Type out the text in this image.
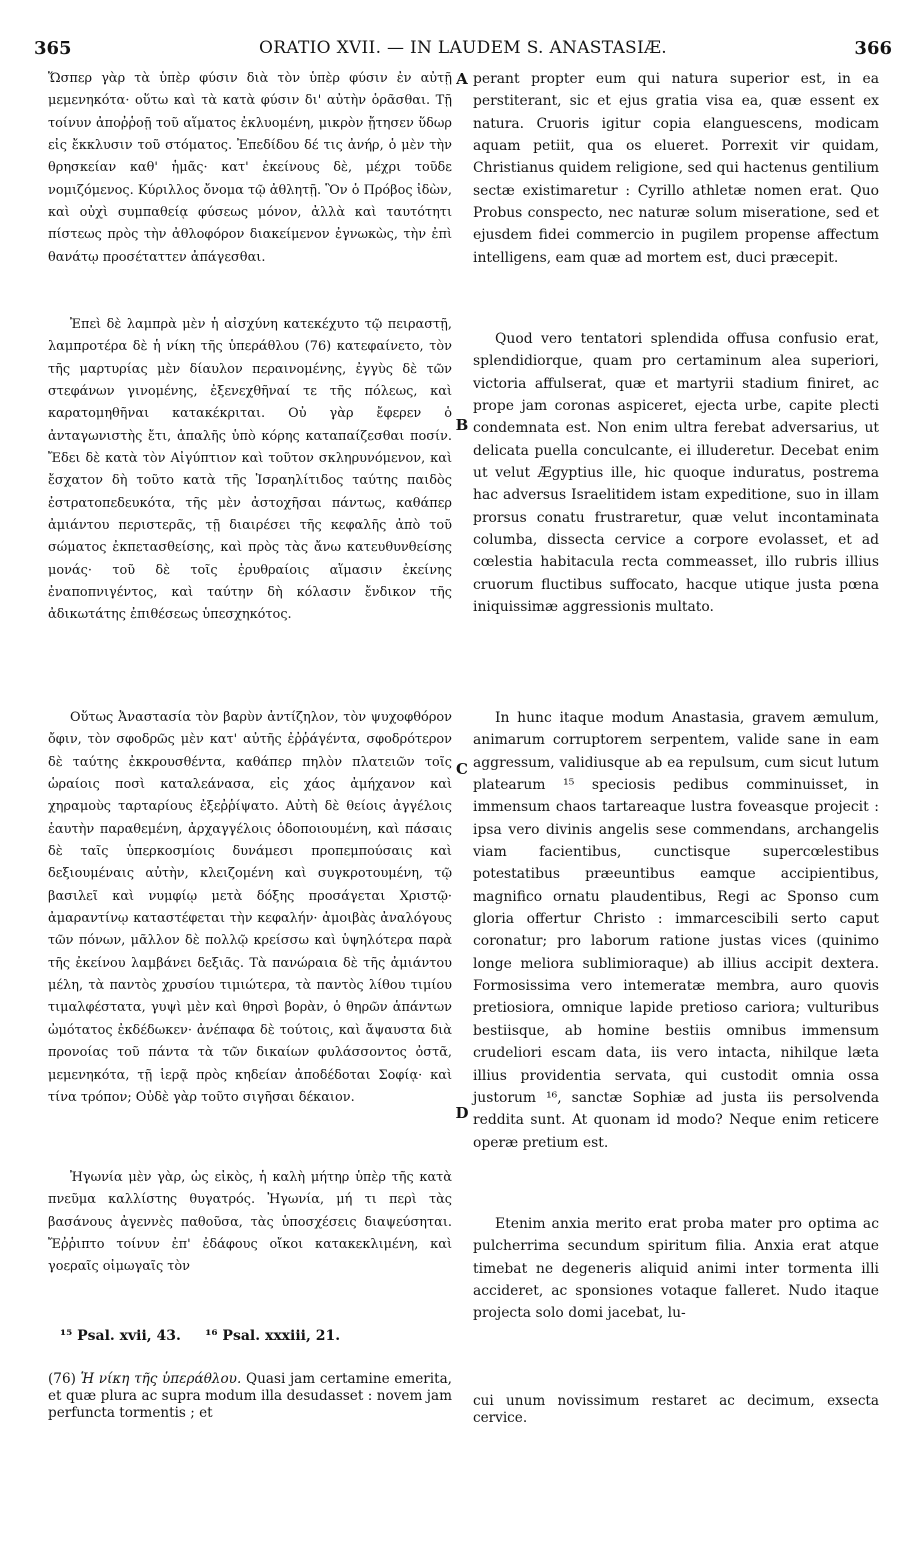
365	ORATIO XVII. — IN LAUDEM S. ANASTASIÆ.	366

Ὥσπερ γὰρ τὰ ὑπὲρ φύσιν διὰ τὸν ὑπὲρ φύσιν ἐν αὐτῇ μεμενηκότα· οὕτω καὶ τὰ κατὰ φύσιν δι' αὐτὴν ὁρᾶσθαι. Τῇ τοίνυν ἀποῤῥοῇ τοῦ αἵματος ἐκλυομένη, μικρὸν ᾔτησεν ὕδωρ εἰς ἔκκλυσιν τοῦ στόματος. Ἐπεδίδου δέ τις ἀνήρ, ὁ μὲν τὴν θρησκείαν καθ' ἡμᾶς· κατ' ἐκείνους δὲ, μέχρι τοῦδε νομιζόμενος. Κύριλλος ὄνομα τῷ ἀθλητῇ. Ὃν ὁ Πρόβος ἰδὼν, καὶ οὐχὶ συμπαθείᾳ φύσεως μόνον, ἀλλὰ καὶ ταυτότητι πίστεως πρὸς τὴν ἀθλοφόρον διακείμενον ἐγνωκὼς, τὴν ἐπὶ θανάτῳ προσέταττεν ἀπάγεσθαι.

Ἐπεὶ δὲ λαμπρὰ μὲν ἡ αἰσχύνη κατεκέχυτο τῷ πειραστῇ, λαμπροτέρα δὲ ἡ νίκη τῆς ὑπεράθλου (76) κατεφαίνετο, τὸν τῆς μαρτυρίας μὲν δίαυλον περαινομένης, ἐγγὺς δὲ τῶν στεφάνων γινομένης, ἐξενεχθῆναί τε τῆς πόλεως, καὶ καρατομηθῆναι κατακέκριται. Οὐ γὰρ ἔφερεν ὁ ἀνταγωνιστὴς ἔτι, ἁπαλῆς ὑπὸ κόρης καταπαίζεσθαι ποσίν. Ἔδει δὲ κατὰ τὸν Αἰγύπτιον καὶ τοῦτον σκληρυνόμενον, καὶ ἔσχατον δὴ τοῦτο κατὰ τῆς Ἰσραηλίτιδος ταύτης παιδὸς ἐστρατοπεδευκότα, τῆς μὲν ἀστοχῆσαι πάντως, καθάπερ ἀμιάντου περιστερᾶς, τῇ διαιρέσει τῆς κεφαλῆς ἀπὸ τοῦ σώματος ἐκπετασθείσης, καὶ πρὸς τὰς ἄνω κατευθυνθείσης μονάς· τοῦ δὲ τοῖς ἐρυθραίοις αἵμασιν ἐκείνης ἐναποπνιγέντος, καὶ ταύτην δὴ κόλασιν ἔνδικον τῆς ἀδικωτάτης ἐπιθέσεως ὑπεσχηκότος.

Οὕτως Ἀναστασία τὸν βαρὺν ἀντίζηλον, τὸν ψυχοφθόρον ὄφιν, τὸν σφοδρῶς μὲν κατ' αὐτῆς ἐῤῥάγέντα, σφοδρότερον δὲ ταύτης ἐκκρουσθέντα, καθάπερ πηλὸν πλατειῶν τοῖς ὡραίοις ποσὶ καταλεάνασα, εἰς χάος ἀμήχανον καὶ χηραμοὺς ταρταρίους ἐξεῤῥίψατο. Αὐτὴ δὲ θείοις ἀγγέλοις ἑαυτὴν παραθεμένη, ἀρχαγγέλοις ὁδοποιουμένη, καὶ πάσαις δὲ ταῖς ὑπερκοσμίοις δυνάμεσι προπεμπούσαις καὶ δεξιουμέναις αὐτὴν, κλειζομένη καὶ συγκροτουμένη, τῷ βασιλεῖ καὶ νυμφίῳ μετὰ δόξης προσάγεται Χριστῷ· ἀμαραντίνῳ καταστέφεται τὴν κεφαλήν· ἀμοιβὰς ἀναλόγους τῶν πόνων, μᾶλλον δὲ πολλῷ κρείσσω καὶ ὑψηλότερα παρὰ τῆς ἐκείνου λαμβάνει δεξιᾶς. Τὰ πανώραια δὲ τῆς ἀμιάντου μέλη, τὰ παντὸς χρυσίου τιμιώτερα, τὰ παντὸς λίθου τιμίου τιμαλφέστατα, γυψὶ μὲν καὶ θηρσὶ βορὰν, ὁ θηρῶν ἁπάντων ὠμότατος ἐκδέδωκεν· ἀνέπαφα δὲ τούτοις, καὶ ἄψαυστα διὰ προνοίας τοῦ πάντα τὰ τῶν δικαίων φυλάσσοντος ὀστᾶ, μεμενηκότα, τῇ ἱερᾷ πρὸς κηδείαν ἀποδέδοται Σοφίᾳ· καὶ τίνα τρόπον; Οὐδὲ γὰρ τοῦτο σιγῆσαι δέκαιον.

Ἠγωνία μὲν γὰρ, ὡς εἰκὸς, ἡ καλὴ μήτηρ ὑπὲρ τῆς κατὰ πνεῦμα καλλίστης θυγατρός. Ἠγωνία, μή τι περὶ τὰς βασάνους ἀγεννὲς παθοῦσα, τὰς ὑποσχέσεις διαψεύσηται. Ἔῤῥιπτο τοίνυν ἐπ' ἐδάφους οἴκοι κατακεκλιμένη, καὶ γοεραῖς οἰμωγαῖς τὸν

A
B
C
D

perant propter eum qui natura superior est, in ea perstiterant, sic et ejus gratia visa ea, quæ essent ex natura. Cruoris igitur copia elanguescens, modicam aquam petiit, qua os elueret. Porrexit vir quidam, Christianus quidem religione, sed qui hactenus gentilium sectæ existimaretur : Cyrillo athletæ nomen erat. Quo Probus conspecto, nec naturæ solum miseratione, sed et ejusdem fidei commercio in pugilem propense affectum intelligens, eam quæ ad mortem est, duci præcepit.

Quod vero tentatori splendida offusa confusio erat, splendidiorque, quam pro certaminum alea superiori, victoria affulserat, quæ et martyrii stadium finiret, ac prope jam coronas aspiceret, ejecta urbe, capite plecti condemnata est. Non enim ultra ferebat adversarius, ut delicata puella conculcante, ei illuderetur. Decebat enim ut velut Ægyptius ille, hic quoque induratus, postrema hac adversus Israelitidem istam expeditione, suo in illam prorsus conatu frustraretur, quæ velut incontaminata columba, dissecta cervice a corpore evolasset, et ad cœlestia habitacula recta commeasset, illo rubris illius cruorum fluctibus suffocato, hacque utique justa pœna iniquissimæ aggressionis multato.

In hunc itaque modum Anastasia, gravem æmulum, animarum corruptorem serpentem, valide sane in eam aggressum, validiusque ab ea repulsum, cum sicut lutum platearum ¹⁵ speciosis pedibus comminuisset, in immensum chaos tartareaque lustra foveasque projecit : ipsa vero divinis angelis sese commendans, archangelis viam facientibus, cunctisque supercœlestibus potestatibus præeuntibus eamque accipientibus, magnifico ornatu plaudentibus, Regi ac Sponso cum gloria offertur Christo : immarcescibili serto caput coronatur; pro laborum ratione justas vices (quinimo longe meliora sublimioraque) ab illius accipit dextera. Formosissima vero intemeratæ membra, auro quovis pretiosiora, omnique lapide pretioso cariora; vulturibus bestiisque, ab homine bestiis omnibus immensum crudeliori escam data, iis vero intacta, nihilque læta illius providentia servata, qui custodit omnia ossa justorum ¹⁶, sanctæ Sophiæ ad justa iis persolvenda reddita sunt. At quonam id modo? Neque enim reticere operæ pretium est.

Etenim anxia merito erat proba mater pro optima ac pulcherrima secundum spiritum filia. Anxia erat atque timebat ne degeneris aliquid animi inter tormenta illi accideret, ac sponsiones votaque falleret. Nudo itaque projecta solo domi jacebat, lu-

¹⁵ Psal. xvii, 43. ¹⁶ Psal. xxxiii, 21.
(76) Ἡ νίκη τῆς ὑπεράθλου. Quasi jam certamine emerita, et quæ plura ac supra modum illa desudasset : novem jam perfuncta tormentis ; et
cui unum novissimum restaret ac decimum, exsecta cervice.
